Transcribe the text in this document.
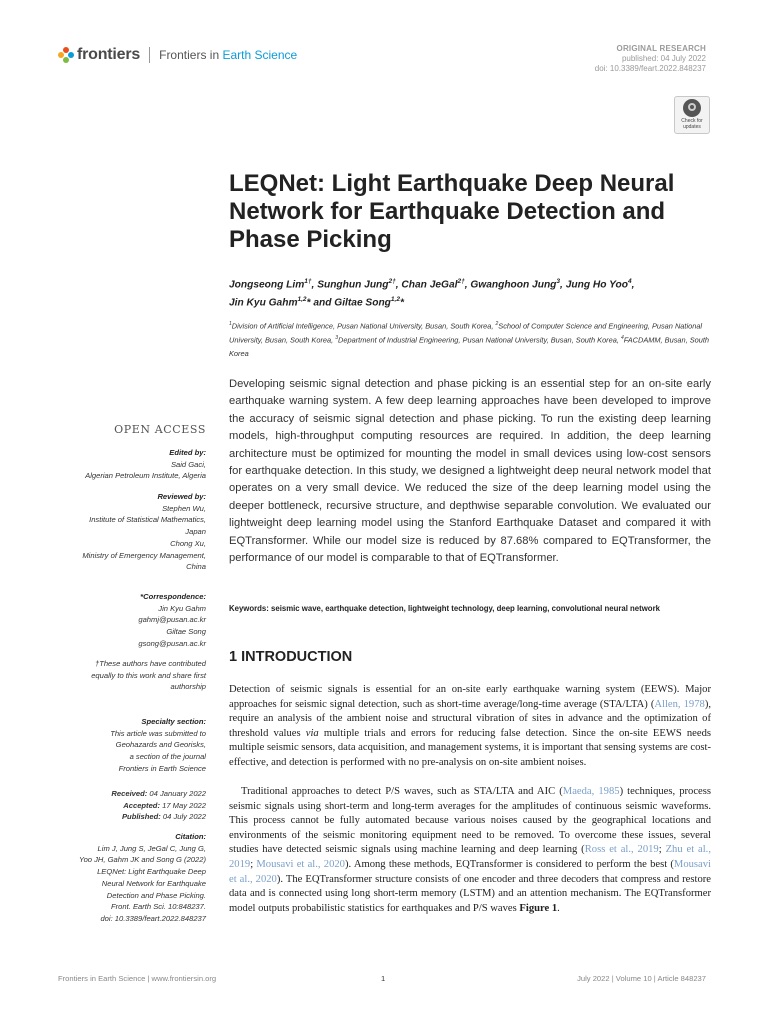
frontiers Frontiers in Earth Science	ORIGINAL RESEARCH
published: 04 July 2022
doi: 10.3389/feart.2022.848237
Check for
updates
LEQNet: Light Earthquake Deep Neural Network for Earthquake Detection and Phase Picking

Jongseong Lim$^{1\dagger}$, Sunghun Jung$^{2\dagger}$, Chan JeGal$^{2\dagger}$, Gwanghoon Jung$^3$, Jung Ho Yoo$^4$,
Jin Kyu Gahm$^{1,2}$* and Giltae Song$^{1,2}$*

$^1$Division of Artificial Intelligence, Pusan National University, Busan, South Korea, $^2$School of Computer Science and Engineering, Pusan National University, Busan, South Korea, $^3$Department of Industrial Engineering, Pusan National University, Busan, South Korea, $^4$FACDAMM, Busan, South Korea

OPEN ACCESS
Edited by:
Said Gaci,
Algerian Petroleum Institute, Algeria
Reviewed by:
Stephen Wu,
Institute of Statistical Mathematics,
Japan
Chong Xu,
Ministry of Emergency Management,
China
*Correspondence:
Jin Kyu Gahm
gahmj@pusan.ac.kr
Giltae Song
gsong@pusan.ac.kr
†These authors have contributed
equally to this work and share first
authorship
Specialty section:
This article was submitted to
Geohazards and Georisks,
a section of the journal
Frontiers in Earth Science
Received: 04 January 2022
Accepted: 17 May 2022
Published: 04 July 2022
Citation:
Lim J, Jung S, JeGal C, Jung G,
Yoo JH, Gahm JK and Song G (2022)
LEQNet: Light Earthquake Deep
Neural Network for Earthquake
Detection and Phase Picking.
Front. Earth Sci. 10:848237.
doi: 10.3389/feart.2022.848237

Developing seismic signal detection and phase picking is an essential step for an on-site early earthquake warning system. A few deep learning approaches have been developed to improve the accuracy of seismic signal detection and phase picking. To run the existing deep learning models, high-throughput computing resources are required. In addition, the deep learning architecture must be optimized for mounting the model in small devices using low-cost sensors for earthquake detection. In this study, we designed a lightweight deep neural network model that operates on a very small device. We reduced the size of the deep learning model using the deeper bottleneck, recursive structure, and depthwise separable convolution. We evaluated our lightweight deep learning model using the Stanford Earthquake Dataset and compared it with EQTransformer. While our model size is reduced by 87.68% compared to EQTransformer, the performance of our model is comparable to that of EQTransformer.

Keywords: seismic wave, earthquake detection, lightweight technology, deep learning, convolutional neural network

1 INTRODUCTION

Detection of seismic signals is essential for an on-site early earthquake warning system (EEWS). Major approaches for seismic signal detection, such as short-time average/long-time average (STA/LTA) (Allen, 1978), require an analysis of the ambient noise and structural vibration of sites in advance and the optimization of threshold values via multiple trials and errors for reducing false detection. Since the on-site EEWS needs multiple seismic sensors, data acquisition, and management systems, it is important that sensing systems are cost-effective, and detection is performed with no pre-analysis on on-site ambient noises.

Traditional approaches to detect P/S waves, such as STA/LTA and AIC (Maeda, 1985) techniques, process seismic signals using short-term and long-term averages for the amplitudes of continuous seismic waveforms. This process cannot be fully automated because various noises caused by the geographical locations and environments of the seismic monitoring equipment need to be removed. To overcome these issues, several studies have detected seismic signals using machine learning and deep learning (Ross et al., 2019; Zhu et al., 2019; Mousavi et al., 2020). Among these methods, EQTransformer is considered to perform the best (Mousavi et al., 2020). The EQTransformer structure consists of one encoder and three decoders that compress and restore data and is connected using long short-term memory (LSTM) and an attention mechanism. The EQTransformer model outputs probabilistic statistics for earthquakes and P/S waves Figure 1.

Frontiers in Earth Science | www.frontiersin.org	1	July 2022 | Volume 10 | Article 848237
